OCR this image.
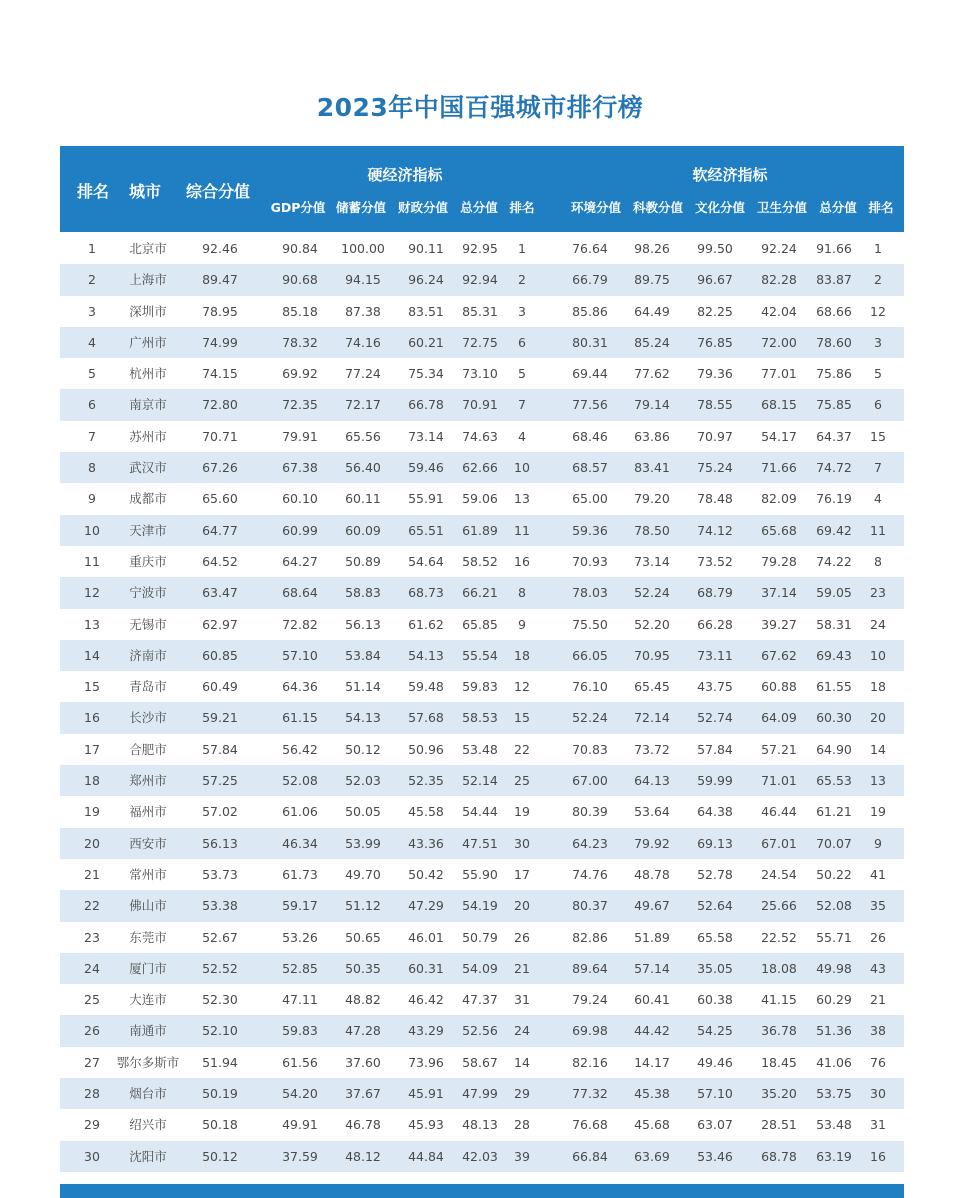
2023年中国百强城市排行榜
排名	城市	综合分值
硬经济指标
GDP分值 储蓄分值 财政分值 总分值 排名
软经济指标
环境分值 科教分值 文化分值 卫生分值 总分值 排名
1	北京市	92.46	90.84	100.00	90.11	92.95	1	76.64	98.26	99.50	92.24	91.66	1
2	上海市	89.47	90.68	94.15	96.24	92.94	2	66.79	89.75	96.67	82.28	83.87	2
3	深圳市	78.95	85.18	87.38	83.51	85.31	3	85.86	64.49	82.25	42.04	68.66	12
4	广州市	74.99	78.32	74.16	60.21	72.75	6	80.31	85.24	76.85	72.00	78.60	3
5	杭州市	74.15	69.92	77.24	75.34	73.10	5	69.44	77.62	79.36	77.01	75.86	5
6	南京市	72.80	72.35	72.17	66.78	70.91	7	77.56	79.14	78.55	68.15	75.85	6
7	苏州市	70.71	79.91	65.56	73.14	74.63	4	68.46	63.86	70.97	54.17	64.37	15
8	武汉市	67.26	67.38	56.40	59.46	62.66	10	68.57	83.41	75.24	71.66	74.72	7
9	成都市	65.60	60.10	60.11	55.91	59.06	13	65.00	79.20	78.48	82.09	76.19	4
10	天津市	64.77	60.99	60.09	65.51	61.89	11	59.36	78.50	74.12	65.68	69.42	11
11	重庆市	64.52	64.27	50.89	54.64	58.52	16	70.93	73.14	73.52	79.28	74.22	8
12	宁波市	63.47	68.64	58.83	68.73	66.21	8	78.03	52.24	68.79	37.14	59.05	23
13	无锡市	62.97	72.82	56.13	61.62	65.85	9	75.50	52.20	66.28	39.27	58.31	24
14	济南市	60.85	57.10	53.84	54.13	55.54	18	66.05	70.95	73.11	67.62	69.43	10
15	青岛市	60.49	64.36	51.14	59.48	59.83	12	76.10	65.45	43.75	60.88	61.55	18
16	长沙市	59.21	61.15	54.13	57.68	58.53	15	52.24	72.14	52.74	64.09	60.30	20
17	合肥市	57.84	56.42	50.12	50.96	53.48	22	70.83	73.72	57.84	57.21	64.90	14
18	郑州市	57.25	52.08	52.03	52.35	52.14	25	67.00	64.13	59.99	71.01	65.53	13
19	福州市	57.02	61.06	50.05	45.58	54.44	19	80.39	53.64	64.38	46.44	61.21	19
20	西安市	56.13	46.34	53.99	43.36	47.51	30	64.23	79.92	69.13	67.01	70.07	9
21	常州市	53.73	61.73	49.70	50.42	55.90	17	74.76	48.78	52.78	24.54	50.22	41
22	佛山市	53.38	59.17	51.12	47.29	54.19	20	80.37	49.67	52.64	25.66	52.08	35
23	东莞市	52.67	53.26	50.65	46.01	50.79	26	82.86	51.89	65.58	22.52	55.71	26
24	厦门市	52.52	52.85	50.35	60.31	54.09	21	89.64	57.14	35.05	18.08	49.98	43
25	大连市	52.30	47.11	48.82	46.42	47.37	31	79.24	60.41	60.38	41.15	60.29	21
26	南通市	52.10	59.83	47.28	43.29	52.56	24	69.98	44.42	54.25	36.78	51.36	38
27	鄂尔多斯市	51.94	61.56	37.60	73.96	58.67	14	82.16	14.17	49.46	18.45	41.06	76
28	烟台市	50.19	54.20	37.67	45.91	47.99	29	77.32	45.38	57.10	35.20	53.75	30
29	绍兴市	50.18	49.91	46.78	45.93	48.13	28	76.68	45.68	63.07	28.51	53.48	31
30	沈阳市	50.12	37.59	48.12	44.84	42.03	39	66.84	63.69	53.46	68.78	63.19	16
